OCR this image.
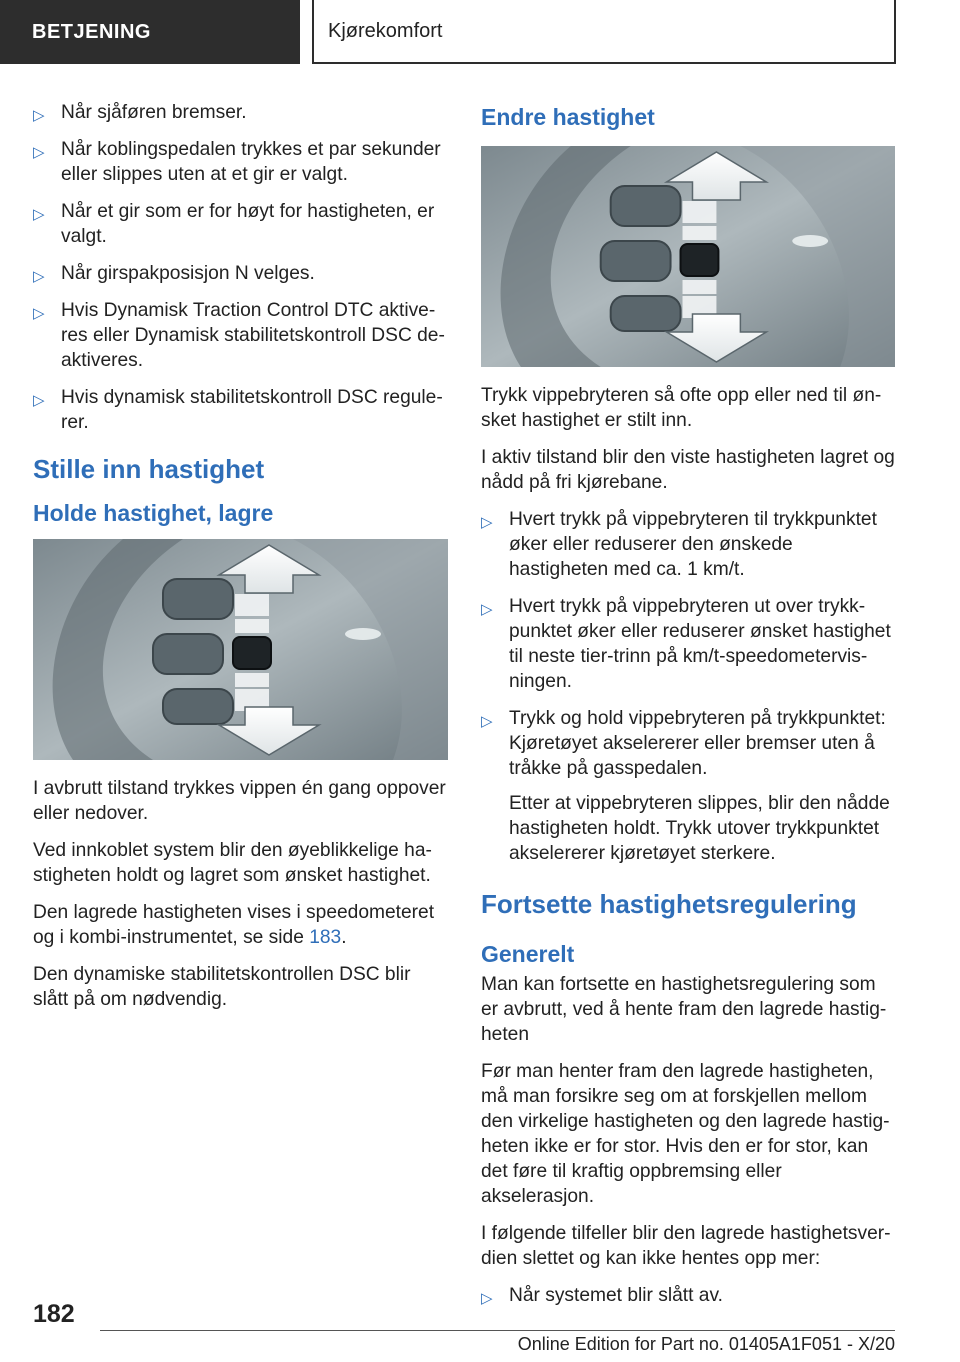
BETJENING	Kjørekomfort
▷ Når sjåføren bremser.
▷ Når koblingspedalen trykkes et par sekunder eller slippes uten at et gir er valgt.
▷ Når et gir som er for høyt for hastigheten, er valgt.
▷ Når girspakposisjon N velges.
▷ Hvis Dynamisk Traction Control DTC aktiveres eller Dynamisk stabilitetskontroll DSC deaktiveres.
▷ Hvis dynamisk stabilitetskontroll DSC regulerer.
Stille inn hastighet
Holde hastighet, lagre

I avbrutt tilstand trykkes vippen én gang oppover eller nedover.

Ved innkoblet system blir den øyeblikkelige hastigheten holdt og lagret som ønsket hastighet.

Den lagrede hastigheten vises i speedometeret og i kombi-instrumentet, se side 183.

Den dynamiske stabilitetskontrollen DSC blir slått på om nødvendig.

Endre hastighet

Trykk vippebryteren så ofte opp eller ned til ønsket hastighet er stilt inn.

I aktiv tilstand blir den viste hastigheten lagret og nådd på fri kjørebane.

▷ Hvert trykk på vippebryteren til trykkpunktet øker eller reduserer den ønskede hastigheten med ca. 1 km/t.
▷ Hvert trykk på vippebryteren ut over trykkpunktet øker eller reduserer ønsket hastighet til neste tier-trinn på km/t-speedometervisningen.
▷ Trykk og hold vippebryteren på trykkpunktet: Kjøretøyet akselererer eller bremser uten å tråkke på gasspedalen.
Etter at vippebryteren slippes, blir den nådde hastigheten holdt. Trykk utover trykkpunktet akselererer kjøretøyet sterkere.
Fortsette hastighetsregulering
Generelt

Man kan fortsette en hastighetsregulering som er avbrutt, ved å hente fram den lagrede hastigheten

Før man henter fram den lagrede hastigheten, må man forsikre seg om at forskjellen mellom den virkelige hastigheten og den lagrede hastigheten ikke er for stor. Hvis den er for stor, kan det føre til kraftig oppbremsing eller akselerasjon.

I følgende tilfeller blir den lagrede hastighetsverdien slettet og kan ikke hentes opp mer:

▷ Når systemet blir slått av.
182
Online Edition for Part no. 01405A1F051 - X/20
